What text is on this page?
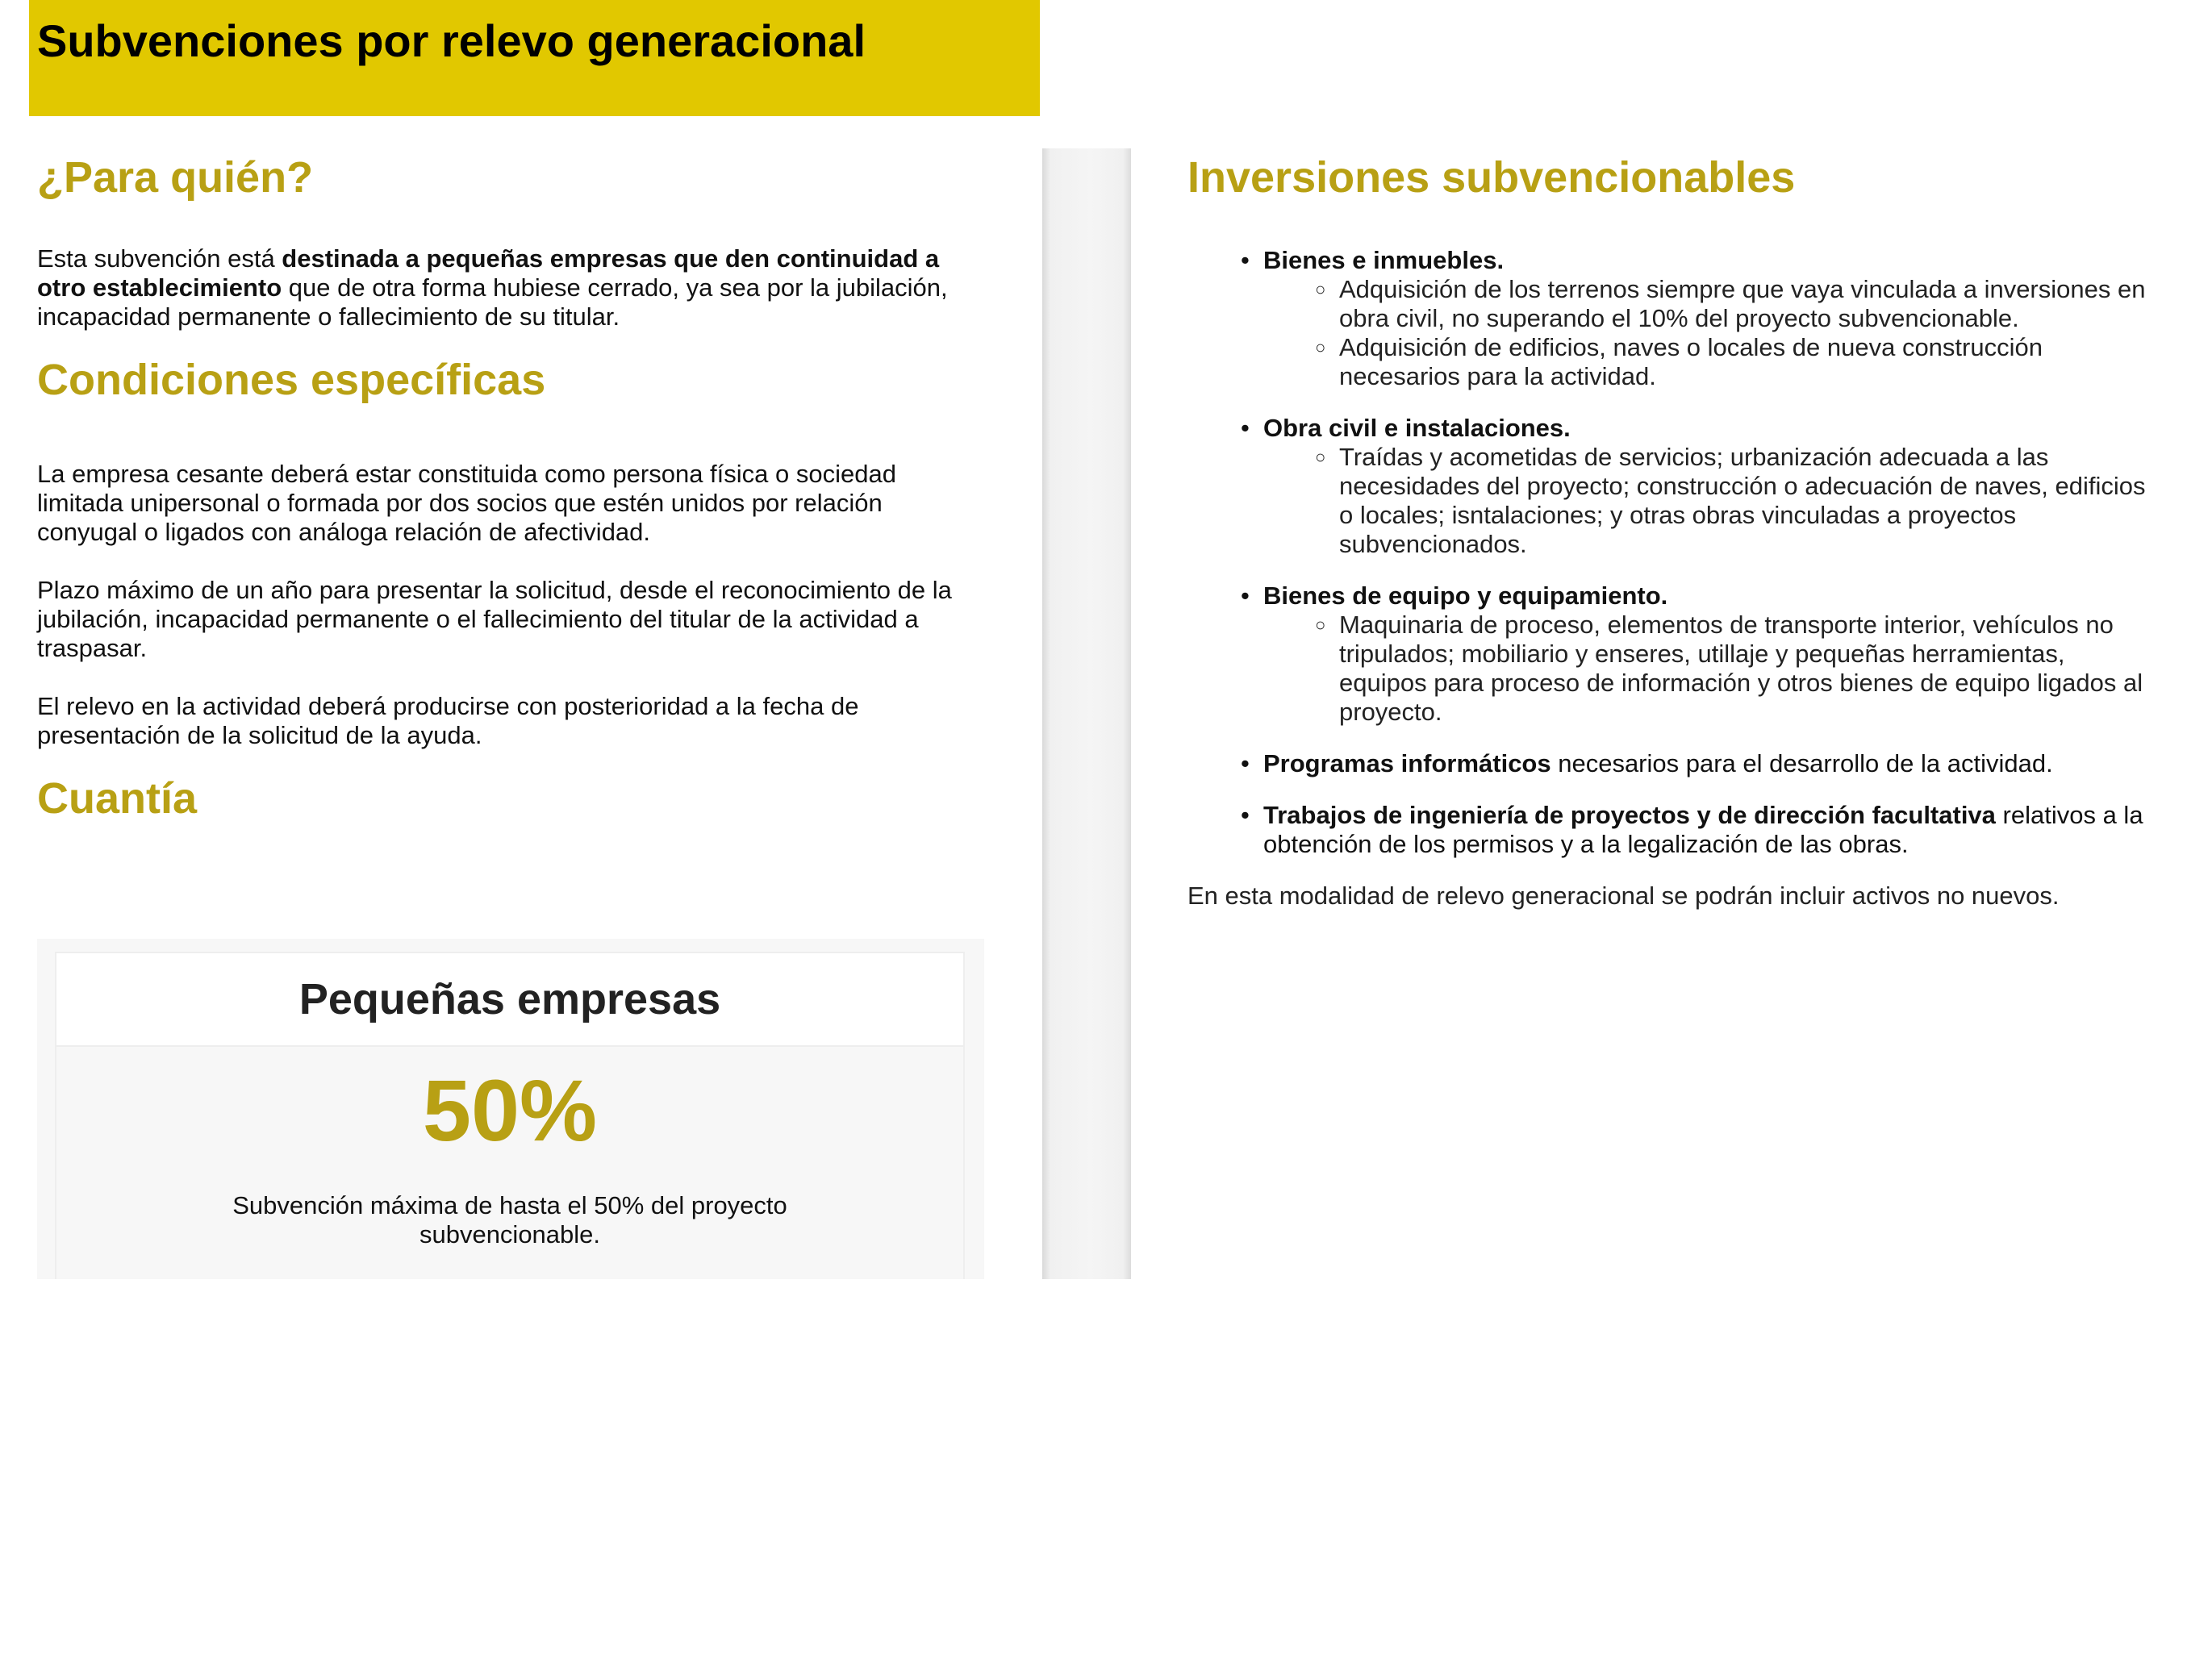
Subvenciones por relevo generacional
¿Para quién?

Esta subvención está destinada a pequeñas empresas que den continuidad a otro establecimiento que de otra forma hubiese cerrado, ya sea por la jubilación, incapacidad permanente o fallecimiento de su titular.

Condiciones específicas

La empresa cesante deberá estar constituida como persona física o sociedad limitada unipersonal o formada por dos socios que estén unidos por relación conyugal o ligados con análoga relación de afectividad.

Plazo máximo de un año para presentar la solicitud, desde el reconocimiento de la jubilación, incapacidad permanente o el fallecimiento del titular de la actividad a traspasar.

El relevo en la actividad deberá producirse con posterioridad a la fecha de presentación de la solicitud de la ayuda.

Cuantía
Pequeñas empresas
50%
Subvención máxima de hasta el 50% del proyecto subvencionable.
Inversiones subvencionables
• Bienes e inmuebles.
○ Adquisición de los terrenos siempre que vaya vinculada a inversiones en obra civil, no superando el 10% del proyecto subvencionable.
○ Adquisición de edificios, naves o locales de nueva construcción necesarios para la actividad.
• Obra civil e instalaciones.
○ Traídas y acometidas de servicios; urbanización adecuada a las necesidades del proyecto; construcción o adecuación de naves, edificios o locales; isntalaciones; y otras obras vinculadas a proyectos subvencionados.
• Bienes de equipo y equipamiento.
○ Maquinaria de proceso, elementos de transporte interior, vehículos no tripulados; mobiliario y enseres, utillaje y pequeñas herramientas, equipos para proceso de información y otros bienes de equipo ligados al proyecto.
• Programas informáticos necesarios para el desarrollo de la actividad.
• Trabajos de ingeniería de proyectos y de dirección facultativa relativos a la obtención de los permisos y a la legalización de las obras.

En esta modalidad de relevo generacional se podrán incluir activos no nuevos.
